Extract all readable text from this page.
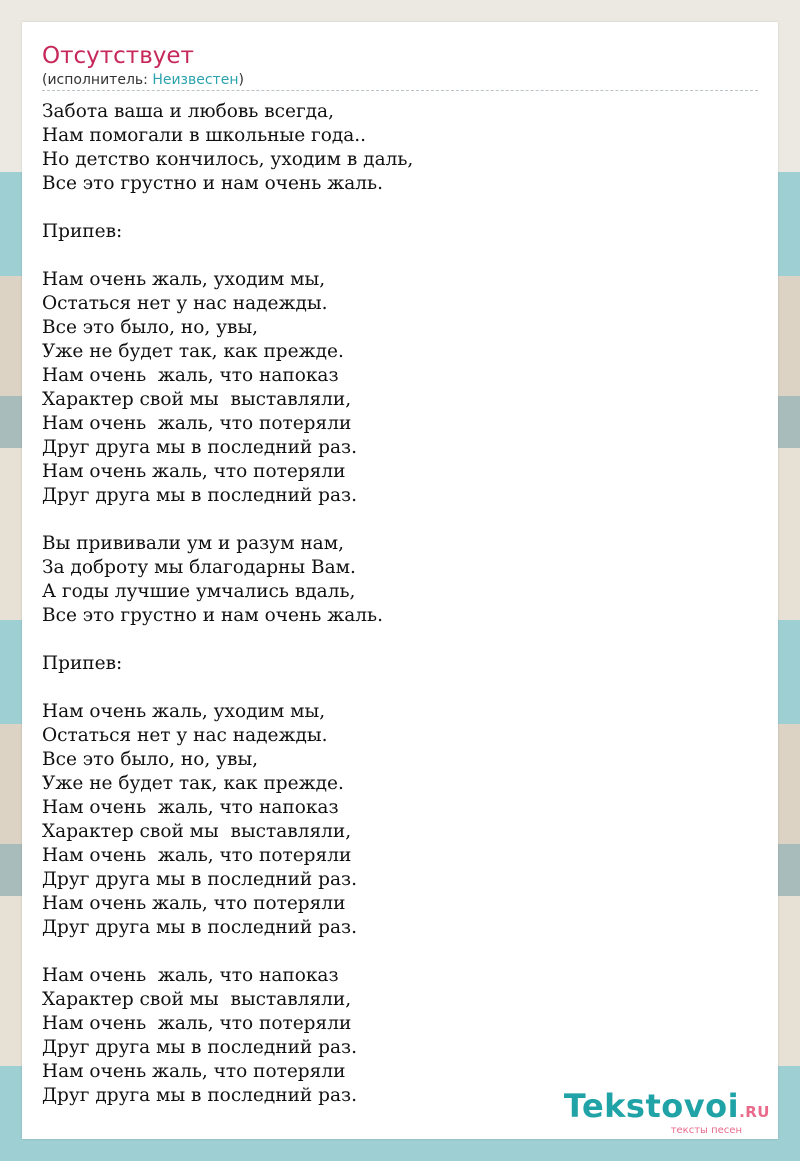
Отсутствует
(исполнитель: Неизвестен)
Забота ваша и любовь всегда,
Нам помогали в школьные года..
Но детство кончилось, уходим в даль,
Все это грустно и нам очень жаль.

Припев:

Нам очень жаль, уходим мы,
Остаться нет у нас надежды.
Все это было, но, увы,
Уже не будет так, как прежде.
Нам очень  жаль, что напоказ
Характер свой мы  выставляли,
Нам очень  жаль, что потеряли
Друг друга мы в последний раз.
Нам очень жаль, что потеряли
Друг друга мы в последний раз.

Вы прививали ум и разум нам,
За доброту мы благодарны Вам.
А годы лучшие умчались вдаль,
Все это грустно и нам очень жаль.

Припев:

Нам очень жаль, уходим мы,
Остаться нет у нас надежды.
Все это было, но, увы,
Уже не будет так, как прежде.
Нам очень  жаль, что напоказ
Характер свой мы  выставляли,
Нам очень  жаль, что потеряли
Друг друга мы в последний раз.
Нам очень жаль, что потеряли
Друг друга мы в последний раз.

Нам очень  жаль, что напоказ
Характер свой мы  выставляли,
Нам очень  жаль, что потеряли
Друг друга мы в последний раз.
Нам очень жаль, что потеряли
Друг друга мы в последний раз.	Tekstovoi.RU
тексты песен
